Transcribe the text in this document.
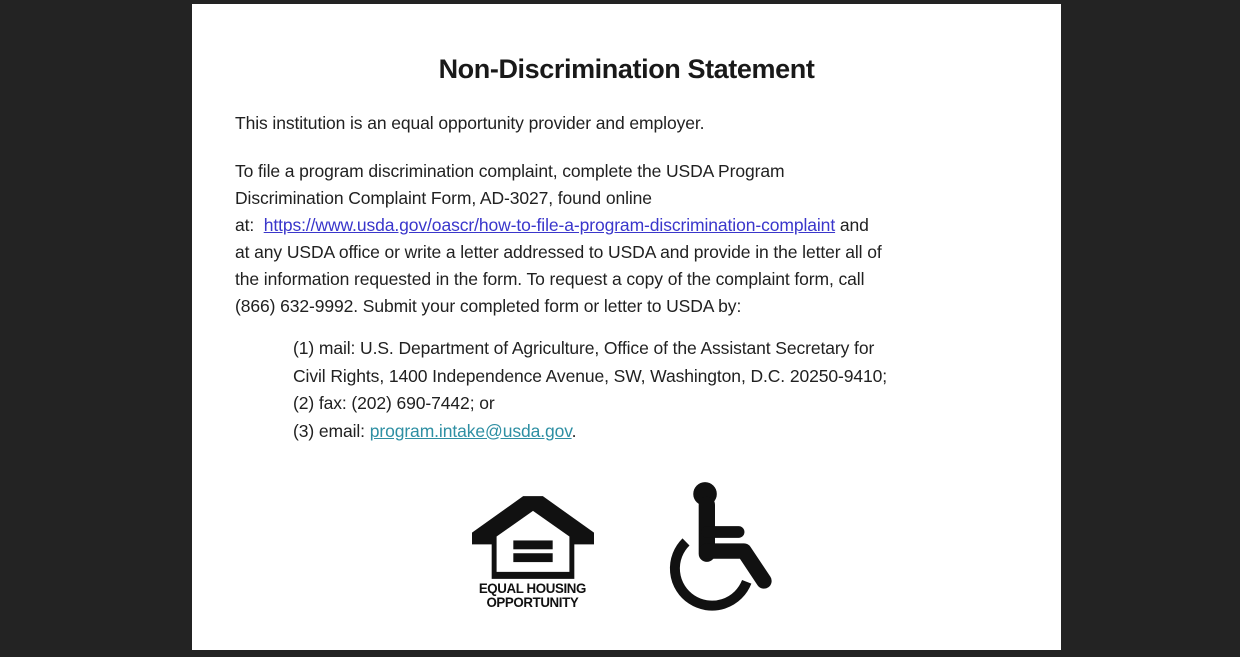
Non-Discrimination Statement

This institution is an equal opportunity provider and employer.

To file a program discrimination complaint, complete the USDA Program
Discrimination Complaint Form, AD-3027, found online
at:  https://www.usda.gov/oascr/how-to-file-a-program-discrimination-complaint and
at any USDA office or write a letter addressed to USDA and provide in the letter all of
the information requested in the form. To request a copy of the complaint form, call
(866) 632-9992. Submit your completed form or letter to USDA by:
(1) mail: U.S. Department of Agriculture, Office of the Assistant Secretary for
Civil Rights, 1400 Independence Avenue, SW, Washington, D.C. 20250-9410;
(2) fax: (202) 690-7442; or
(3) email: program.intake@usda.gov.
EQUAL HOUSING
OPPORTUNITY
